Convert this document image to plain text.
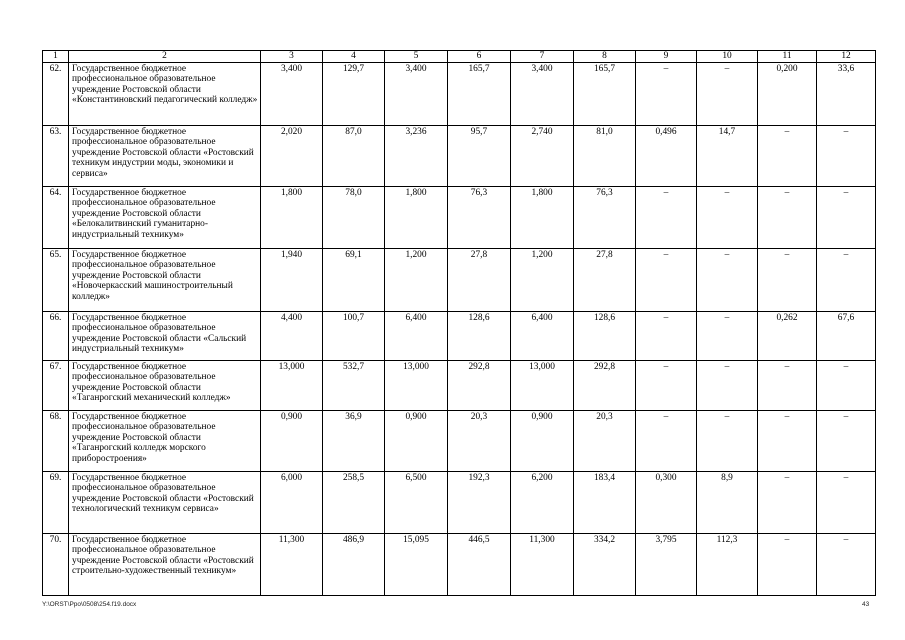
1	2	3	4	5	6	7	8	9	10	11	12
62.	Государственное бюджетное профессиональное образовательное учреждение Ростовской области «Константиновский педагогический колледж»	3,400	129,7	3,400	165,7	3,400	165,7	–	–	0,200	33,6
63.	Государственное бюджетное профессиональное образовательное учреждение Ростовской области «Ростовский техникум индустрии моды, экономики и сервиса»	2,020	87,0	3,236	95,7	2,740	81,0	0,496	14,7	–	–
64.	Государственное бюджетное профессиональное образовательное учреждение Ростовской области «Белокалитвинский гуманитарно-индустриальный техникум»	1,800	78,0	1,800	76,3	1,800	76,3	–	–	–	–
65.	Государственное бюджетное профессиональное образовательное учреждение Ростовской области «Новочеркасский машиностроительный колледж»	1,940	69,1	1,200	27,8	1,200	27,8	–	–	–	–
66.	Государственное бюджетное профессиональное образовательное учреждение Ростовской области «Сальский индустриальный техникум»	4,400	100,7	6,400	128,6	6,400	128,6	–	–	0,262	67,6
67.	Государственное бюджетное профессиональное образовательное учреждение Ростовской области «Таганрогский механический колледж»	13,000	532,7	13,000	292,8	13,000	292,8	–	–	–	–
68.	Государственное бюджетное профессиональное образовательное учреждение Ростовской области «Таганрогский колледж морского приборостроения»	0,900	36,9	0,900	20,3	0,900	20,3	–	–	–	–
69.	Государственное бюджетное профессиональное образовательное учреждение Ростовской области «Ростовский технологический техникум сервиса»	6,000	258,5	6,500	192,3	6,200	183,4	0,300	8,9	–	–
70.	Государственное бюджетное профессиональное образовательное учреждение Ростовской области «Ростовский строительно-художественный техникум»	11,300	486,9	15,095	446,5	11,300	334,2	3,795	112,3	–	–
Y:\ORST\Ppo\0508\254.f19.docx	43
